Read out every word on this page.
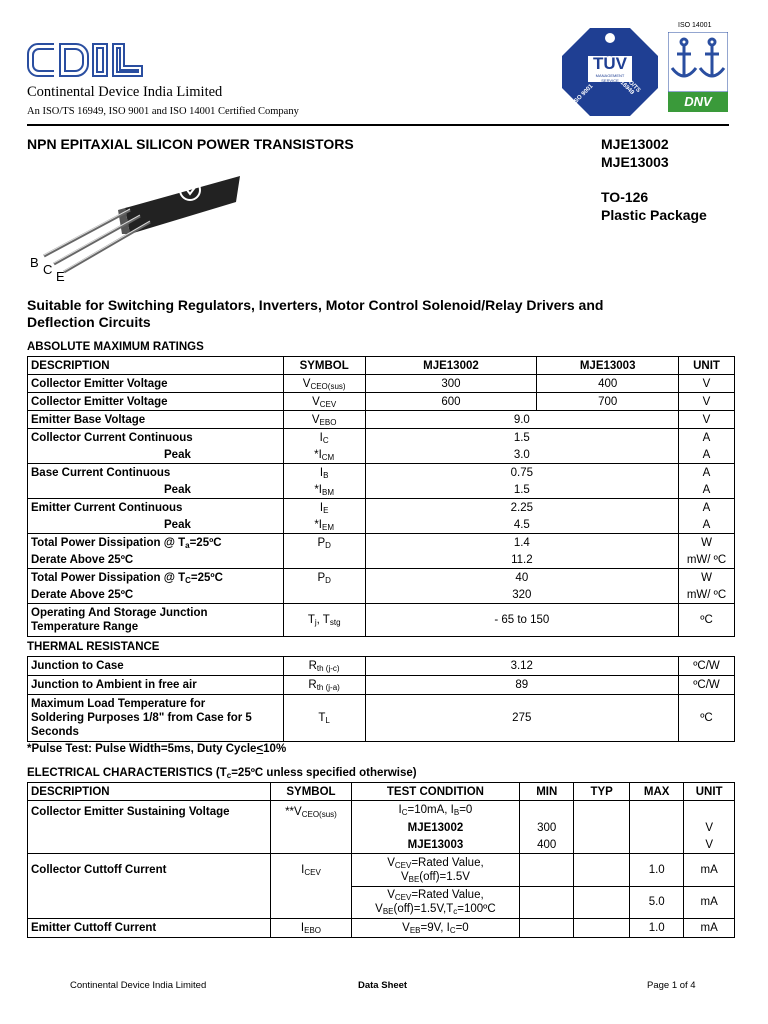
Continental Device India Limited
An ISO/TS 16949, ISO 9001 and ISO 14001 Certified Company
TÜV
MANAGEMENT SERVICE
ISO 9001	ISO/TS 16949
ISO 14001
DNV
NPN EPITAXIAL SILICON POWER TRANSISTORS	MJE13002
MJE13003
TO-126
Plastic Package
B C E
Suitable for Switching Regulators, Inverters, Motor Control Solenoid/Relay Drivers and
Deflection Circuits
ABSOLUTE MAXIMUM RATINGS
DESCRIPTION	SYMBOL	MJE13002	MJE13003	UNIT
Collector Emitter Voltage	$V_{CEO(sus)}$	300	400	V
Collector Emitter Voltage	$V_{CEV}$	600	700	V
Emitter Base Voltage	$V_{EBO}$	9.0		V
Collector Current Continuous	$I_C$	1.5		A
Peak	$*I_{CM}$	3.0		A
Base Current Continuous	$I_B$	0.75		A
Peak	$*I_{BM}$	1.5		A
Emitter Current Continuous	$I_E$	2.25		A
Peak	$*I_{EM}$	4.5		A
Total Power Dissipation @ $T_a=25ºC$	$P_D$	1.4		W
Derate Above 25ºC		11.2		mW/ ºC
Total Power Dissipation @ $T_C=25ºC$	$P_D$	40		W
Derate Above 25ºC		320		mW/ ºC

Operating And Storage Junction
Temperature Range	$T_j$, $T_{stg}$	- 65 to 150		ºC
THERMAL RESISTANCE
Junction to Case	$R_{th (j-c)}$	3.12	ºC/W
Junction to Ambient in free air	$R_{th (j-a)}$	89	ºC/W

Maximum Load Temperature for
Soldering Purposes 1/8" from Case for 5
Seconds	$T_L$	275	ºC
*Pulse Test: Pulse Width=5ms, Duty Cycle<10%
ELECTRICAL CHARACTERISTICS ($T_c=25ºC$ unless specified otherwise)
DESCRIPTION	SYMBOL	TEST CONDITION	MIN	TYP	MAX	UNIT
Collector Emitter Sustaining Voltage	$**V_{CEO(sus)}$	$I_C=10mA$, $I_B=0$				
		MJE13002	300			V
		MJE13003	400			V
Collector Cuttoff Current	$I_{CEV}$	$V_{CEV}=Rated$ Value,
$V_{BE}(off)=1.5V$			1.0	mA

		$V_{CEV}=Rated$ Value,
$V_{BE}(off)=1.5V,T_c=100ºC$			5.0	mA
Emitter Cuttoff Current	$I_{EBO}$	$V_{EB}=9V$, $I_C=0$			1.0	mA
Continental Device India Limited	Data Sheet	Page 1 of 4
